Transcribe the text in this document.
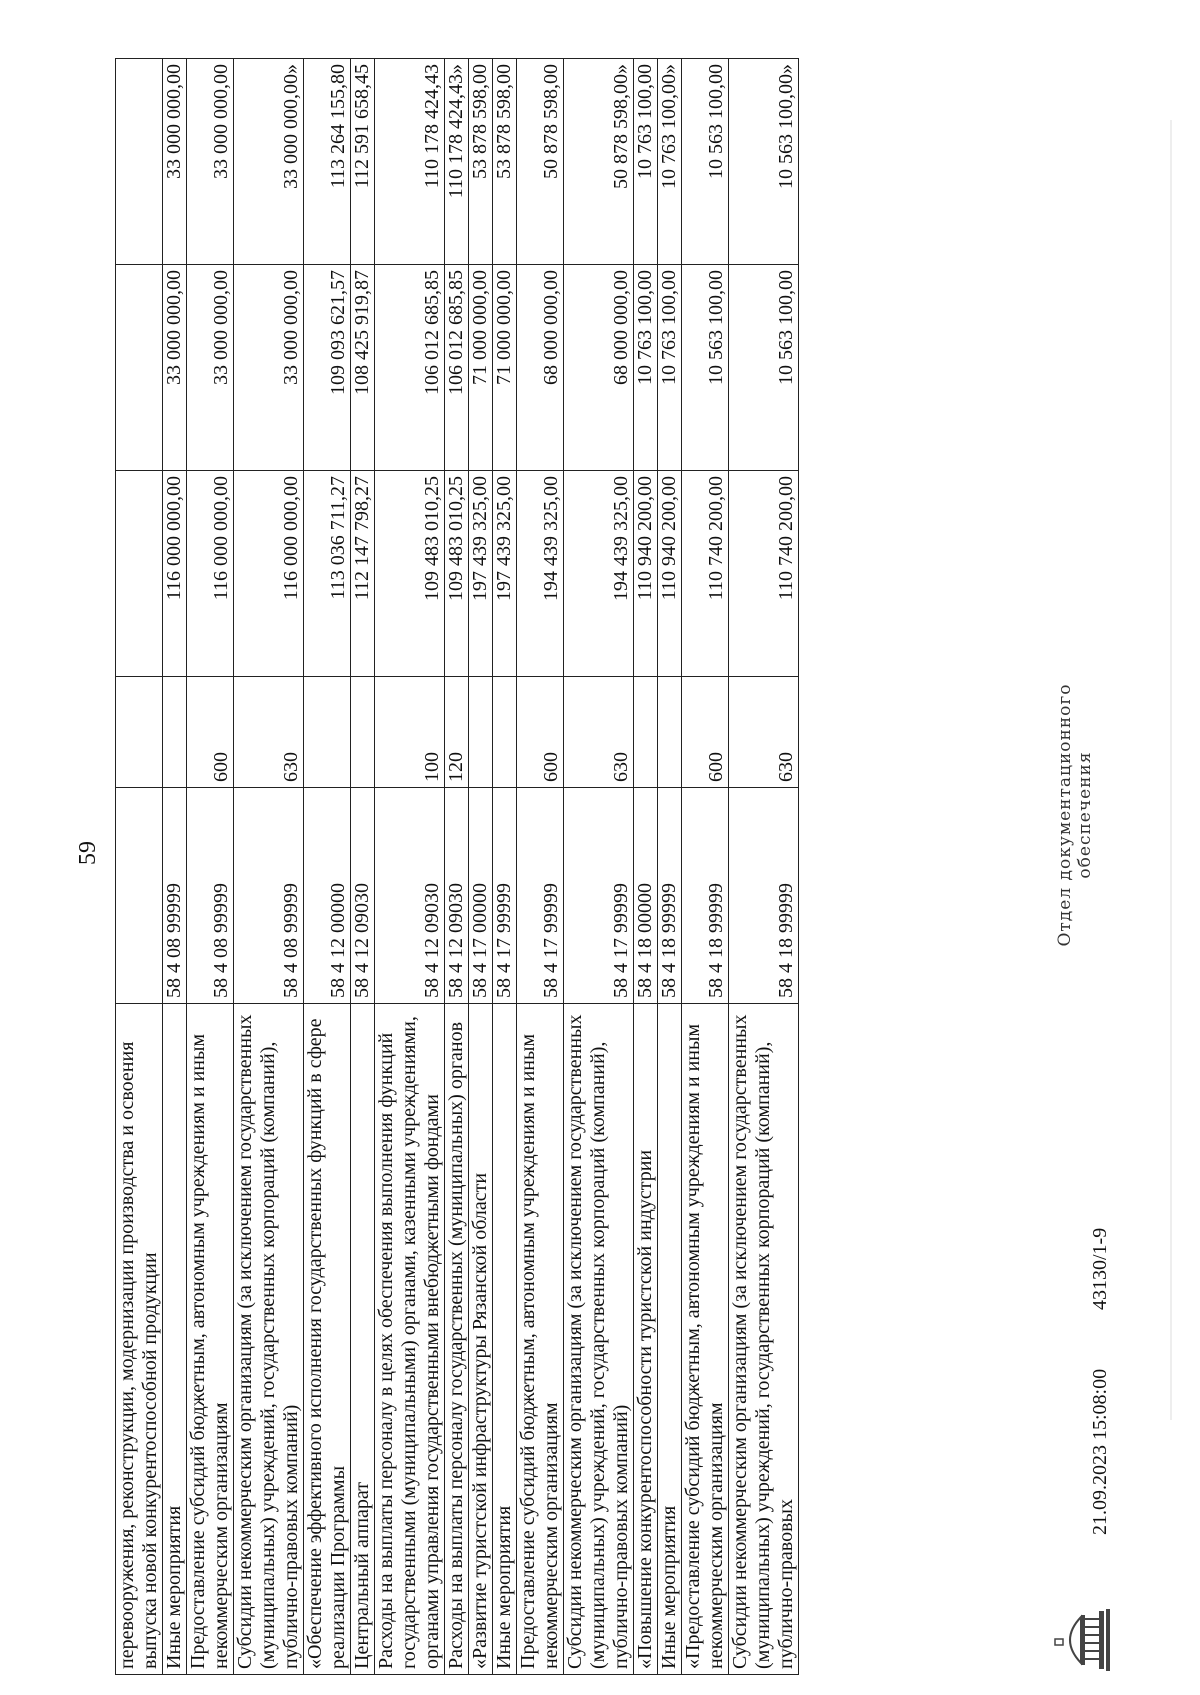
59
перевооружения, реконструкции, модернизации производства и освоения выпуска новой конкурентоспособной продукции					
Иные мероприятия	58 4 08 99999		116 000 000,00	33 000 000,00	33 000 000,00
Предоставление субсидий бюджетным, автономным учреждениям и иным некоммерческим организациям	58 4 08 99999	600	116 000 000,00	33 000 000,00	33 000 000,00
Субсидии некоммерческим организациям (за исключением государственных (муниципальных) учреждений, государственных корпораций (компаний), публично-правовых компаний)	58 4 08 99999	630	116 000 000,00	33 000 000,00	33 000 000,00»
«Обеспечение эффективного исполнения государственных функций в сфере реализации Программы	58 4 12 00000		113 036 711,27	109 093 621,57	113 264 155,80
Центральный аппарат	58 4 12 09030		112 147 798,27	108 425 919,87	112 591 658,45
Расходы на выплаты персоналу в целях обеспечения выполнения функций государственными (муниципальными) органами, казенными учреждениями, органами управления государственными внебюджетными фондами	58 4 12 09030	100	109 483 010,25	106 012 685,85	110 178 424,43
Расходы на выплаты персоналу государственных (муниципальных) органов	58 4 12 09030	120	109 483 010,25	106 012 685,85	110 178 424,43»
«Развитие туристской инфраструктуры Рязанской области	58 4 17 00000		197 439 325,00	71 000 000,00	53 878 598,00
Иные мероприятия	58 4 17 99999		197 439 325,00	71 000 000,00	53 878 598,00
Предоставление субсидий бюджетным, автономным учреждениям и иным некоммерческим организациям	58 4 17 99999	600	194 439 325,00	68 000 000,00	50 878 598,00
Субсидии некоммерческим организациям (за исключением государственных (муниципальных) учреждений, государственных корпораций (компаний), публично-правовых компаний)	58 4 17 99999	630	194 439 325,00	68 000 000,00	50 878 598,00»
«Повышение конкурентоспособности туристской индустрии	58 4 18 00000		110 940 200,00	10 763 100,00	10 763 100,00
Иные мероприятия	58 4 18 99999		110 940 200,00	10 763 100,00	10 763 100,00»
«Предоставление субсидий бюджетным, автономным учреждениям и иным некоммерческим организациям	58 4 18 99999	600	110 740 200,00	10 563 100,00	10 563 100,00
Субсидии некоммерческим организациям (за исключением государственных (муниципальных) учреждений, государственных корпораций (компаний), публично-правовых	58 4 18 99999	630	110 740 200,00	10 563 100,00	10 563 100,00»
21.09.2023 15:08:00
43130/1-9
Отдел документационного обеспечения
